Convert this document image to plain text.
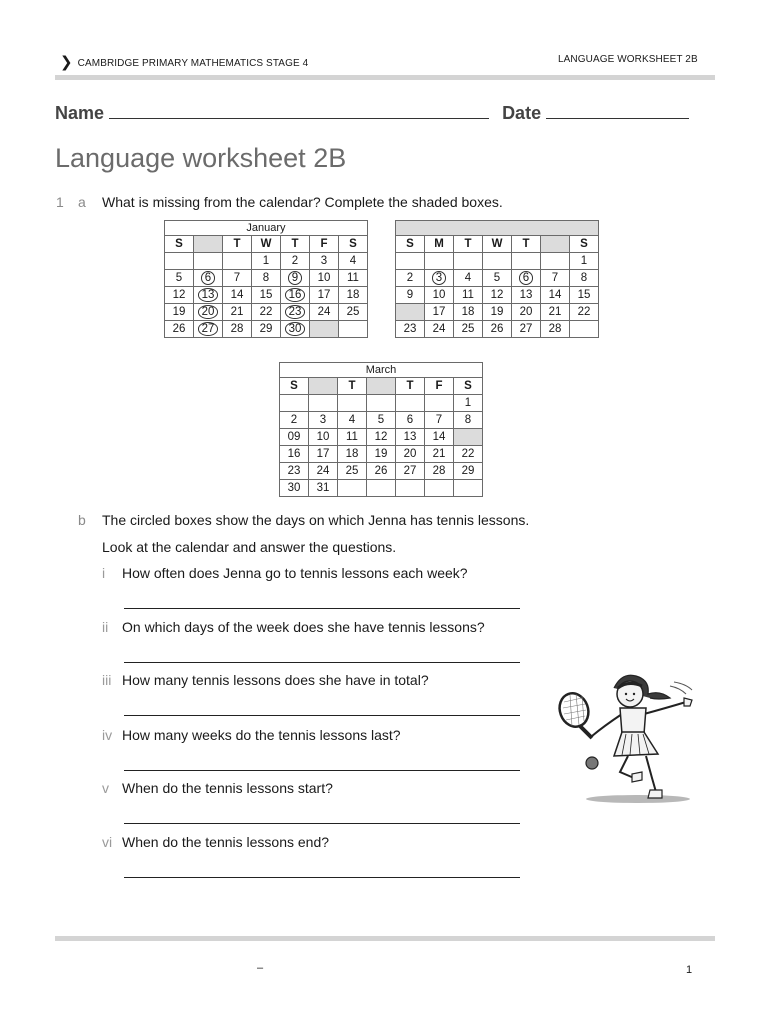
❯ CAMBRIDGE PRIMARY MATHEMATICS STAGE 4	LANGUAGE WORKSHEET 2B
Name	Date
Language worksheet 2B
1 a What is missing from the calendar? Complete the shaded boxes.
January						
S		T	W	T	F	S
			1	2	3	4
5	6	7	8	9	10	11
12	13	14	15	16	17	18
19	20	21	22	23	24	25
26	27	28	29	30		

S	M	T	W	T		S
						1
2	3	4	5	6	7	8
9	10	11	12	13	14	15
	17	18	19	20	21	22
23	24	25	26	27	28	
March						
S		T		T	F	S
						1
2	3	4	5	6	7	8
09	10	11	12	13	14	
16	17	18	19	20	21	22
23	24	25	26	27	28	29
30	31					
b The circled boxes show the days on which Jenna has tennis lessons.
Look at the calendar and answer the questions.
i How often does Jenna go to tennis lessons each week?
ii On which days of the week does she have tennis lessons?
iii How many tennis lessons does she have in total?
iv How many weeks do the tennis lessons last?
v When do the tennis lessons start?
vi When do the tennis lessons end?
–	1
